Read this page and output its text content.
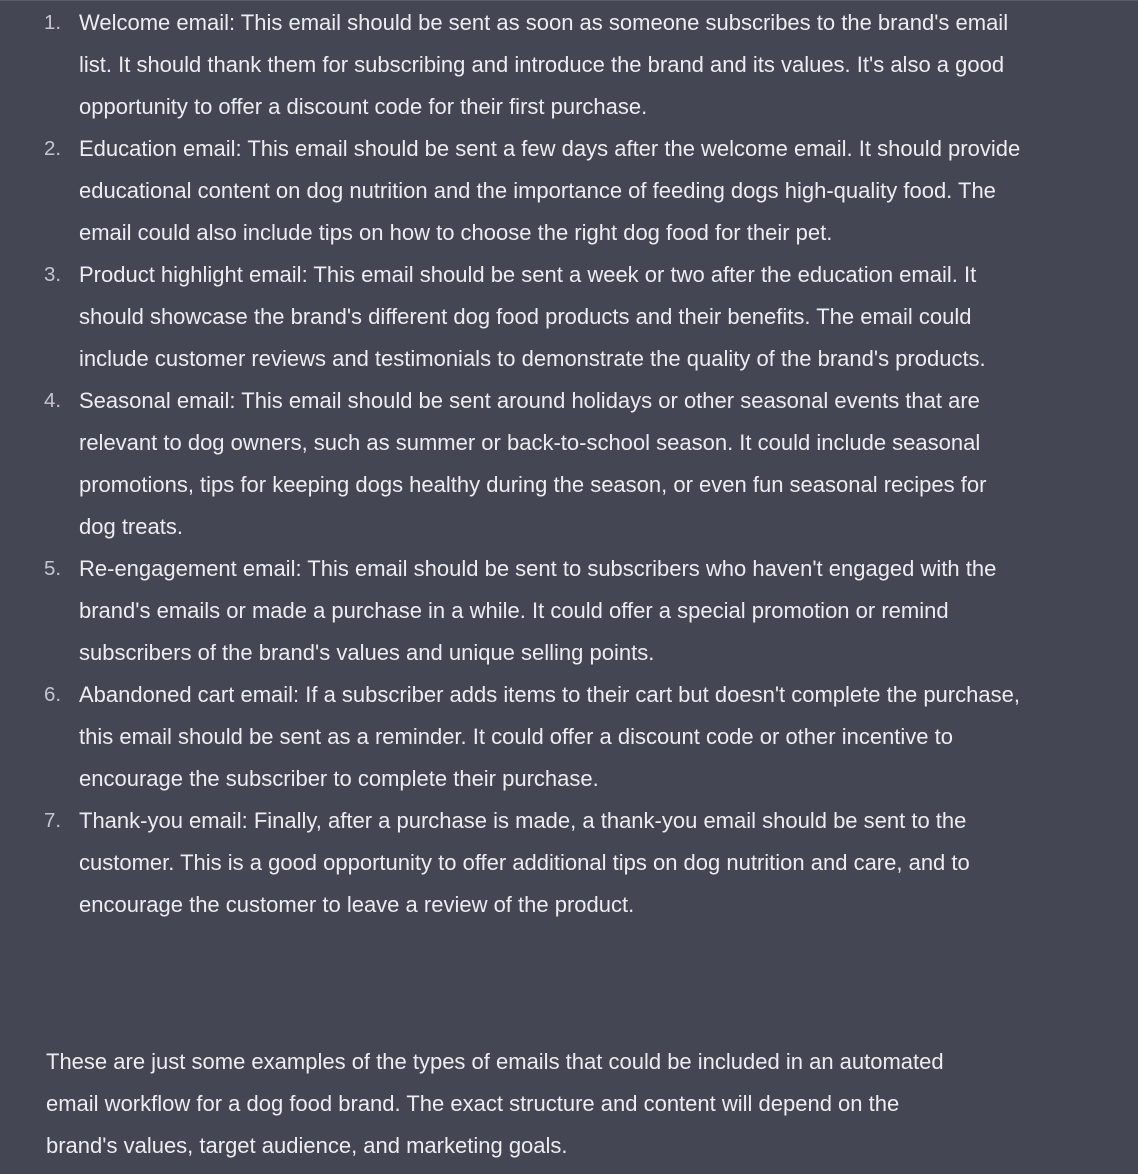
1. Welcome email: This email should be sent as soon as someone subscribes to the brand's email list. It should thank them for subscribing and introduce the brand and its values. It's also a good opportunity to offer a discount code for their first purchase.
2. Education email: This email should be sent a few days after the welcome email. It should provide educational content on dog nutrition and the importance of feeding dogs high-quality food. The email could also include tips on how to choose the right dog food for their pet.
3. Product highlight email: This email should be sent a week or two after the education email. It should showcase the brand's different dog food products and their benefits. The email could include customer reviews and testimonials to demonstrate the quality of the brand's products.
4. Seasonal email: This email should be sent around holidays or other seasonal events that are relevant to dog owners, such as summer or back-to-school season. It could include seasonal promotions, tips for keeping dogs healthy during the season, or even fun seasonal recipes for dog treats.
5. Re-engagement email: This email should be sent to subscribers who haven't engaged with the brand's emails or made a purchase in a while. It could offer a special promotion or remind subscribers of the brand's values and unique selling points.
6. Abandoned cart email: If a subscriber adds items to their cart but doesn't complete the purchase, this email should be sent as a reminder. It could offer a discount code or other incentive to encourage the subscriber to complete their purchase.
7. Thank-you email: Finally, after a purchase is made, a thank-you email should be sent to the customer. This is a good opportunity to offer additional tips on dog nutrition and care, and to encourage the customer to leave a review of the product.

These are just some examples of the types of emails that could be included in an automated email workflow for a dog food brand. The exact structure and content will depend on the brand's values, target audience, and marketing goals.
